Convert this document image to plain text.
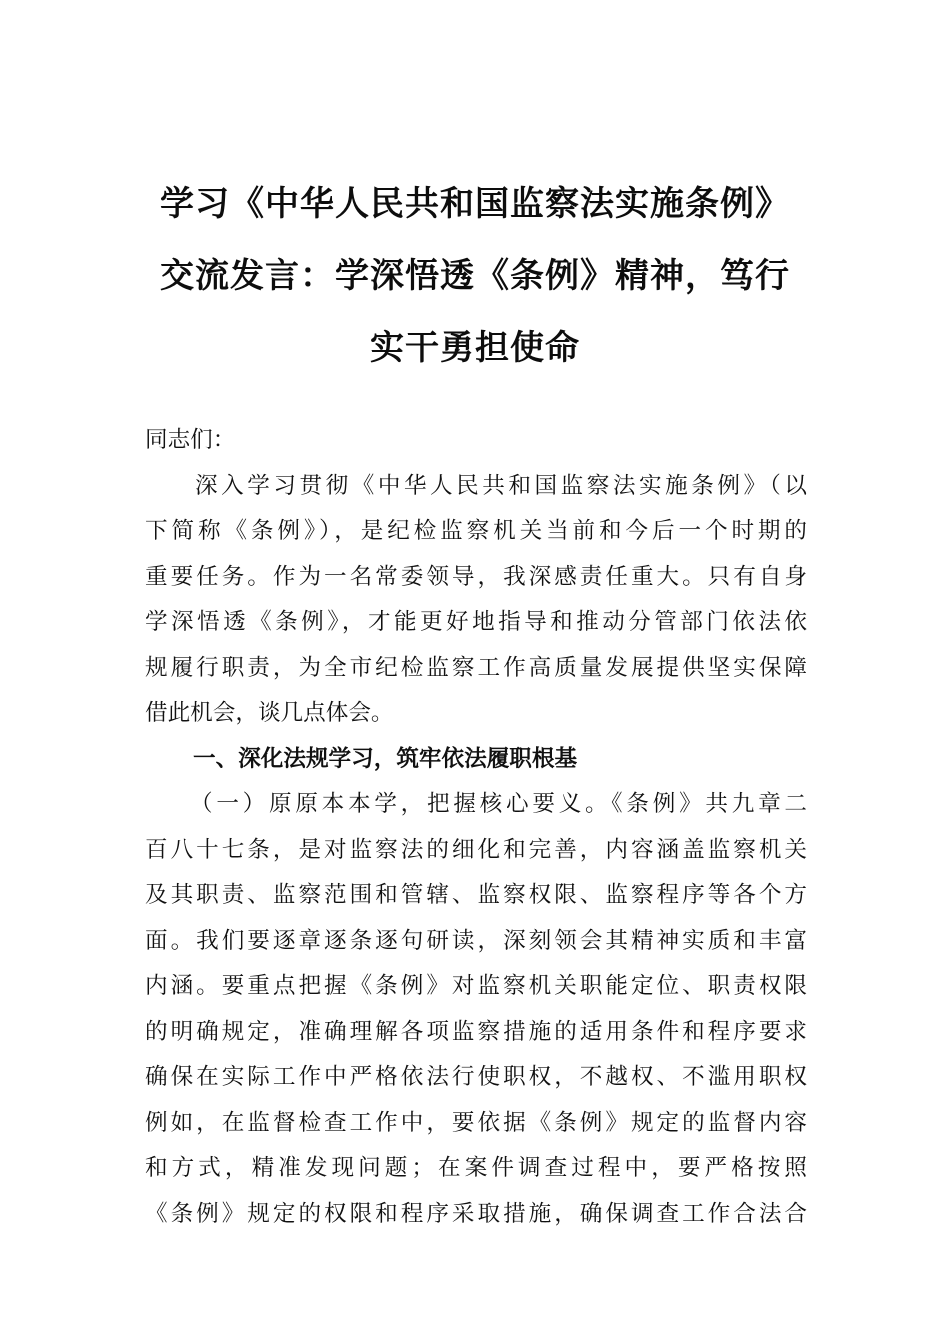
学习《中华人民共和国监察法实施条例》
交流发言：学深悟透《条例》精神，笃行
实干勇担使命
同志们：
深入学习贯彻《中华人民共和国监察法实施条例》（以
下简称《条例》），是纪检监察机关当前和今后一个时期的
重要任务。作为一名常委领导，我深感责任重大。只有自身
学深悟透《条例》，才能更好地指导和推动分管部门依法依
规履行职责，为全市纪检监察工作高质量发展提供坚实保障
借此机会，谈几点体会。
一、深化法规学习，筑牢依法履职根基
（一）原原本本学，把握核心要义。《条例》共九章二
百八十七条，是对监察法的细化和完善，内容涵盖监察机关
及其职责、监察范围和管辖、监察权限、监察程序等各个方
面。我们要逐章逐条逐句研读，深刻领会其精神实质和丰富
内涵。要重点把握《条例》对监察机关职能定位、职责权限
的明确规定，准确理解各项监察措施的适用条件和程序要求
确保在实际工作中严格依法行使职权，不越权、不滥用职权
例如，在监督检查工作中，要依据《条例》规定的监督内容
和方式，精准发现问题；在案件调查过程中，要严格按照
《条例》规定的权限和程序采取措施，确保调查工作合法合
